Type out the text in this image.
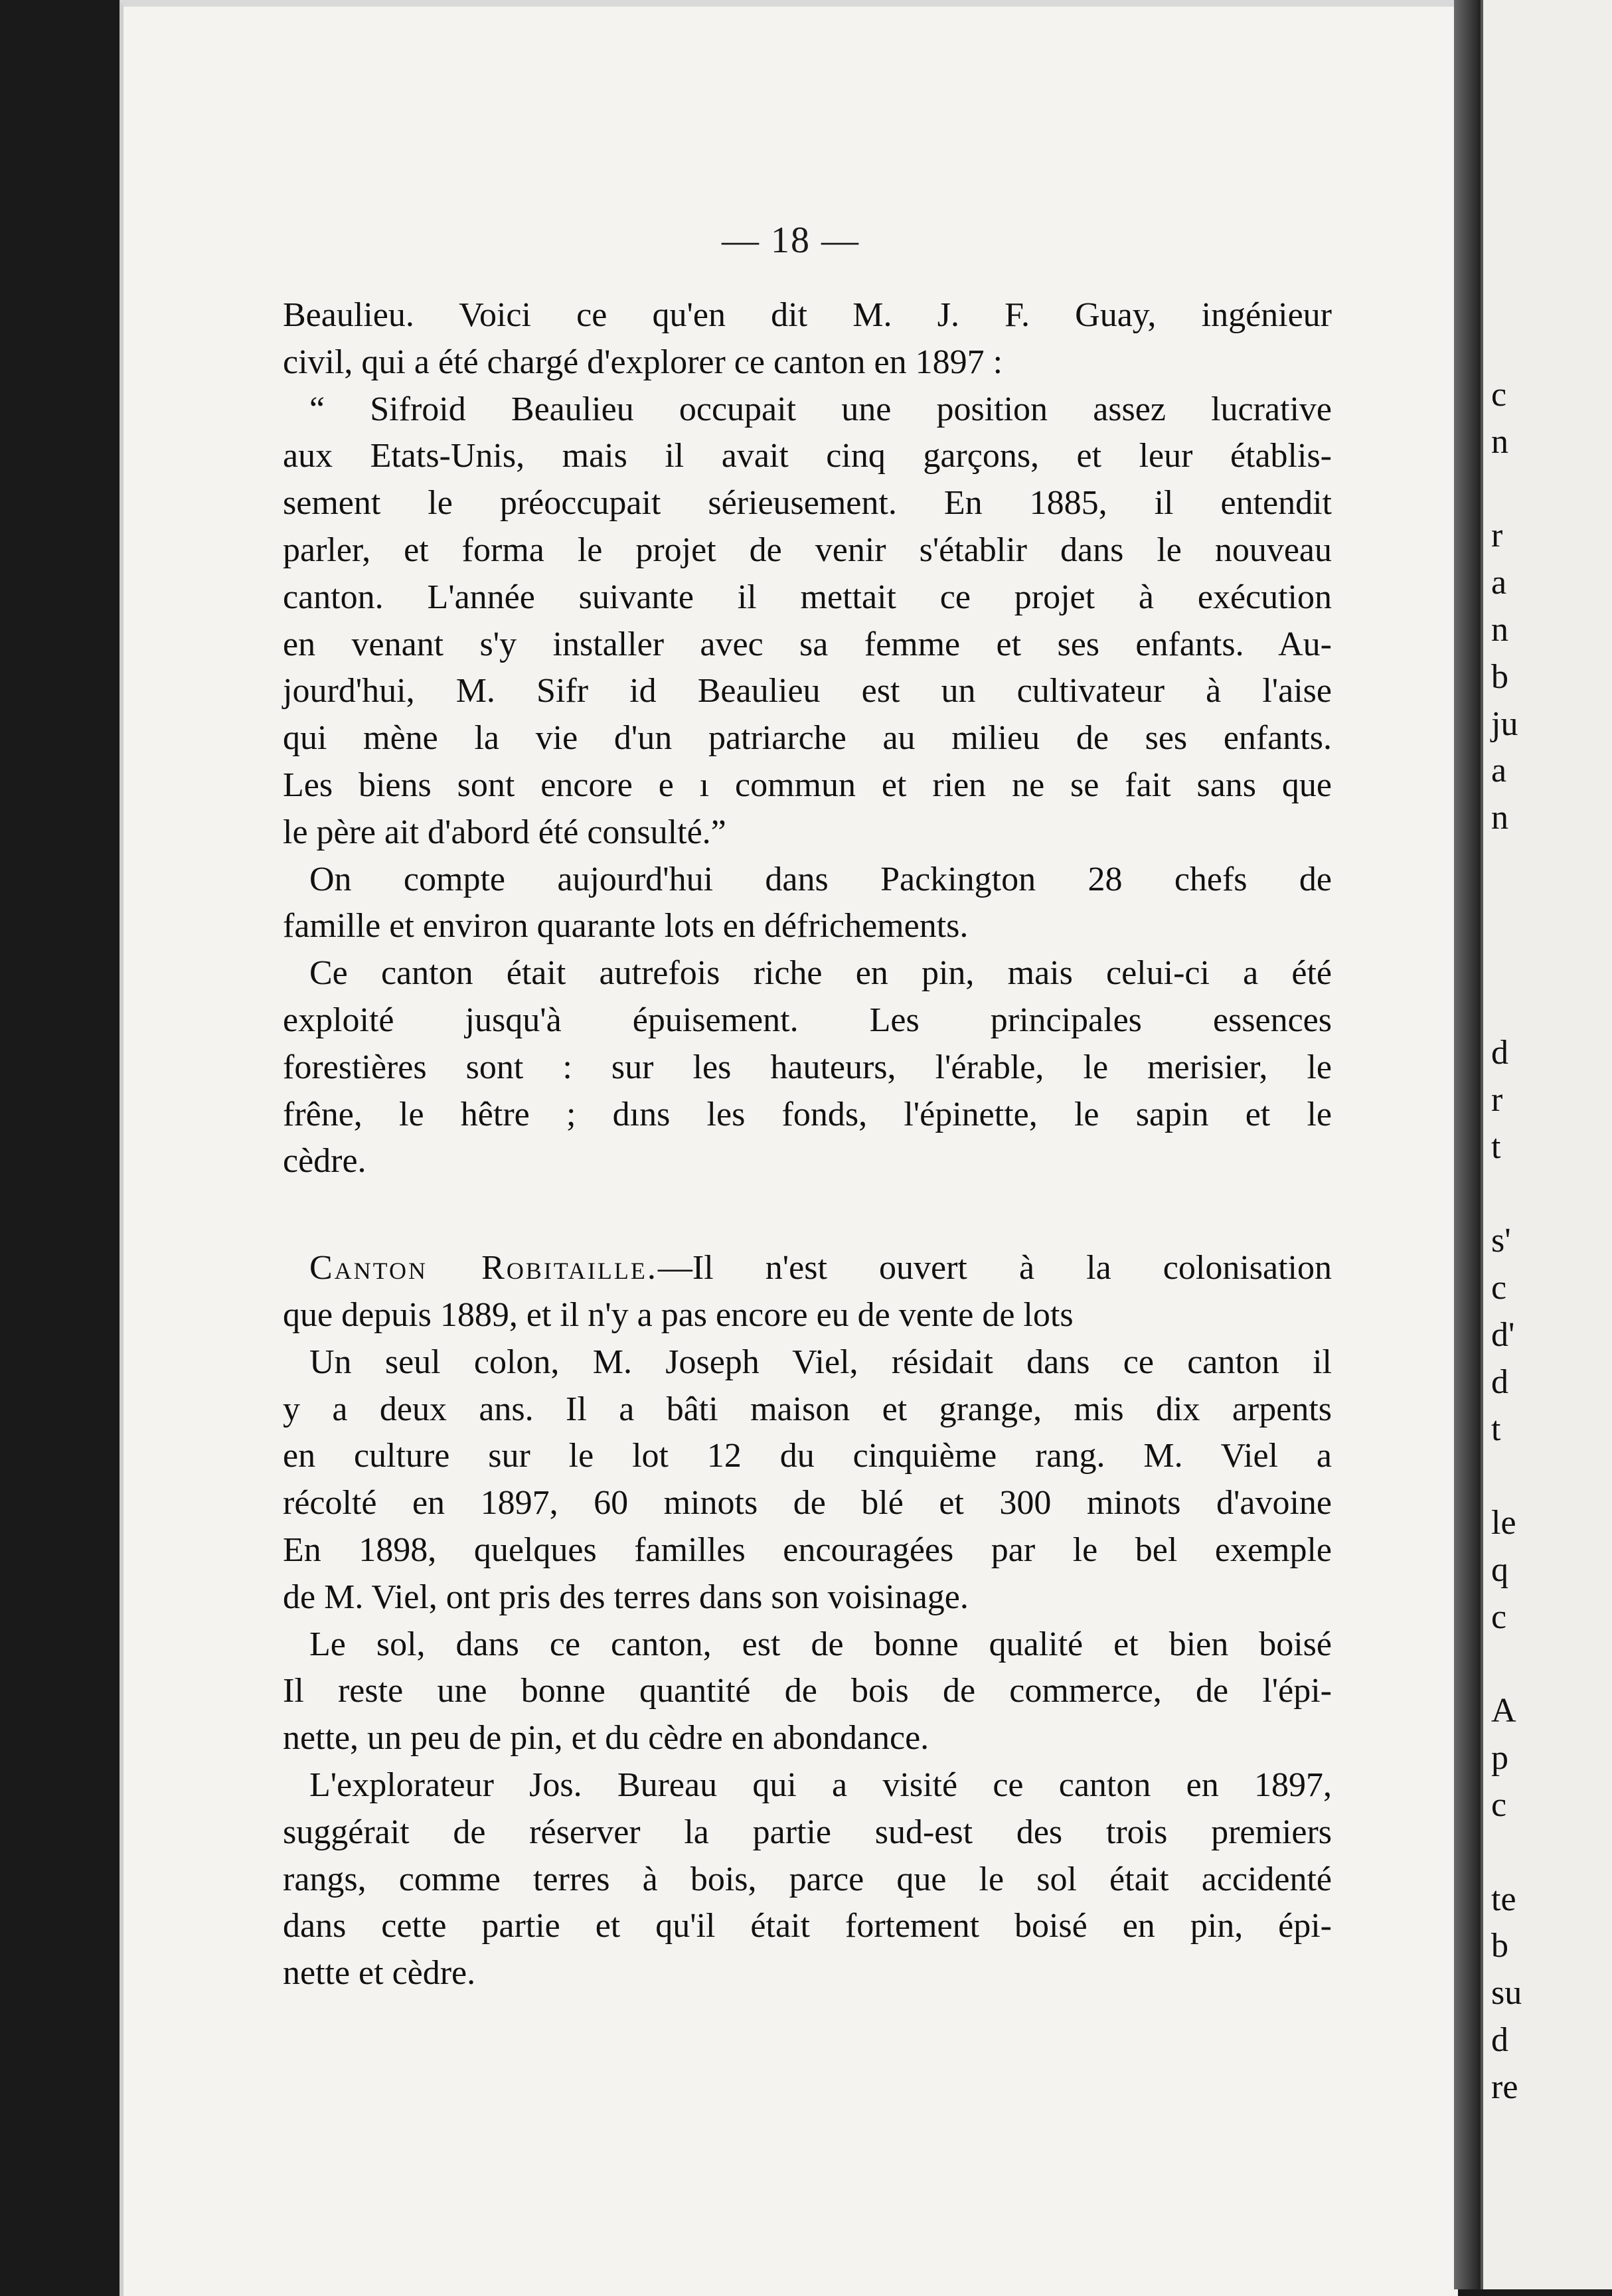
— 18 —
Beaulieu. Voici ce qu'en dit M. J. F. Guay, ingénieur
civil, qui a été chargé d'explorer ce canton en 1897 :
“ Sifroid Beaulieu occupait une position assez lucrative
aux Etats-Unis, mais il avait cinq garçons, et leur établis-
sement le préoccupait sérieusement. En 1885, il entendit
parler, et forma le projet de venir s'établir dans le nouveau
canton. L'année suivante il mettait ce projet à exécution
en venant s'y installer avec sa femme et ses enfants. Au-
jourd'hui, M. Sifr id Beaulieu est un cultivateur à l'aise
qui mène la vie d'un patriarche au milieu de ses enfants.
Les biens sont encore e ı commun et rien ne se fait sans que
le père ait d'abord été consulté.”
On compte aujourd'hui dans Packington 28 chefs de
famille et environ quarante lots en défrichements.
Ce canton était autrefois riche en pin, mais celui-ci a été
exploité jusqu'à épuisement. Les principales essences
forestières sont : sur les hauteurs, l'érable, le merisier, le
frêne, le hêtre ; dıns les fonds, l'épinette, le sapin et le
cèdre.
Canton Robitaille.—Il n'est ouvert à la colonisation
que depuis 1889, et il n'y a pas encore eu de vente de lots
Un seul colon, M. Joseph Viel, résidait dans ce canton il
y a deux ans. Il a bâti maison et grange, mis dix arpents
en culture sur le lot 12 du cinquième rang. M. Viel a
récolté en 1897, 60 minots de blé et 300 minots d'avoine
En 1898, quelques familles encouragées par le bel exemple
de M. Viel, ont pris des terres dans son voisinage.
Le sol, dans ce canton, est de bonne qualité et bien boisé
Il reste une bonne quantité de bois de commerce, de l'épi-
nette, un peu de pin, et du cèdre en abondance.
L'explorateur Jos. Bureau qui a visité ce canton en 1897,
suggérait de réserver la partie sud-est des trois premiers
rangs, comme terres à bois, parce que le sol était accidenté
dans cette partie et qu'il était fortement boisé en pin, épi-
nette et cèdre.
c
n
r
a
n
b
ju
a
n
d
r
t
s'
c
d'
d
t
le
q
c
A
p
c
te
b
su
d
re
